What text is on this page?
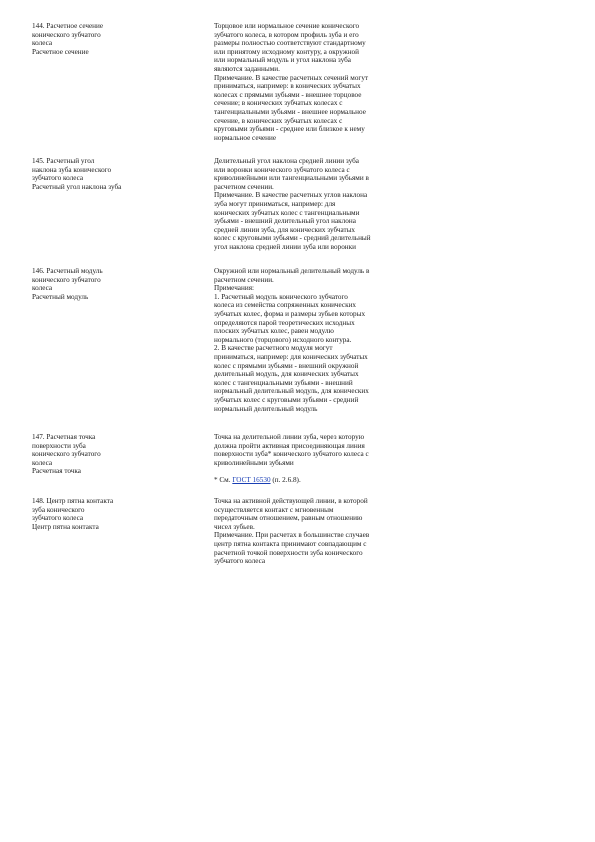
144. Расчетное сечение
конического зубчатого
колеса
Расчетное сечение
Торцовое или нормальное сечение конического
зубчатого колеса, в котором профиль зуба и его
размеры полностью соответствуют стандартному
или принятому исходному контуру, а окружной
или нормальный модуль и угол наклона зуба
являются заданными.
Примечание. В качестве расчетных сечений могут
приниматься, например: в конических зубчатых
колесах с прямыми зубьями - внешнее торцовое
сечение; в конических зубчатых колесах с
тангенциальными зубьями - внешнее нормальное
сечение, в конических зубчатых колесах с
круговыми зубьями - среднее или близкое к нему
нормальное сечение
145. Расчетный угол
наклона зуба конического
зубчатого колеса
Расчетный угол наклона зуба
Делительный угол наклона средней линии зуба
или воронки конического зубчатого колеса с
криволинейными или тангенциальными зубьями в
расчетном сечении.
Примечание. В качестве расчетных углов наклона
зуба могут приниматься, например: для
конических зубчатых колес с тангенциальными
зубьями - внешний делительный угол наклона
средней линии зуба, для конических зубчатых
колес с круговыми зубьями - средний делительный
угол наклона средней линии зуба или воронки
146. Расчетный модуль
конического зубчатого
колеса
Расчетный модуль
Окружной или нормальный делительный модуль в
расчетном сечении.
Примечания:
1. Расчетный модуль конического зубчатого
колеса из семейства сопряженных конических
зубчатых колес, форма и размеры зубьев которых
определяются парой теоретических исходных
плоских зубчатых колес, равен модулю
нормального (торцового) исходного контура.
2. В качестве расчетного модуля могут
приниматься, например: для конических зубчатых
колес с прямыми зубьями - внешний окружной
делительный модуль, для конических зубчатых
колес с тангенциальными зубьями - внешний
нормальный делительный модуль, для конических
зубчатых колес с круговыми зубьями - средний
нормальный делительный модуль
147. Расчетная точка
поверхности зуба
конического зубчатого
колеса
Расчетная точка
Точка на делительной линии зуба, через которую
должна пройти активная присоединяющая линия
поверхности зуба* конического зубчатого колеса с
криволинейными зубьями
* См. ГОСТ 16530 (п. 2.6.8).
148. Центр пятна контакта
зуба конического
зубчатого колеса
Центр пятна контакта
Точка на активной действующей линии, в которой
осуществляется контакт с мгновенным
передаточным отношением, равным отношению
чисел зубьев.
Примечание. При расчетах в большинстве случаев
центр пятна контакта принимают совпадающим с
расчетной точкой поверхности зуба конического
зубчатого колеса
